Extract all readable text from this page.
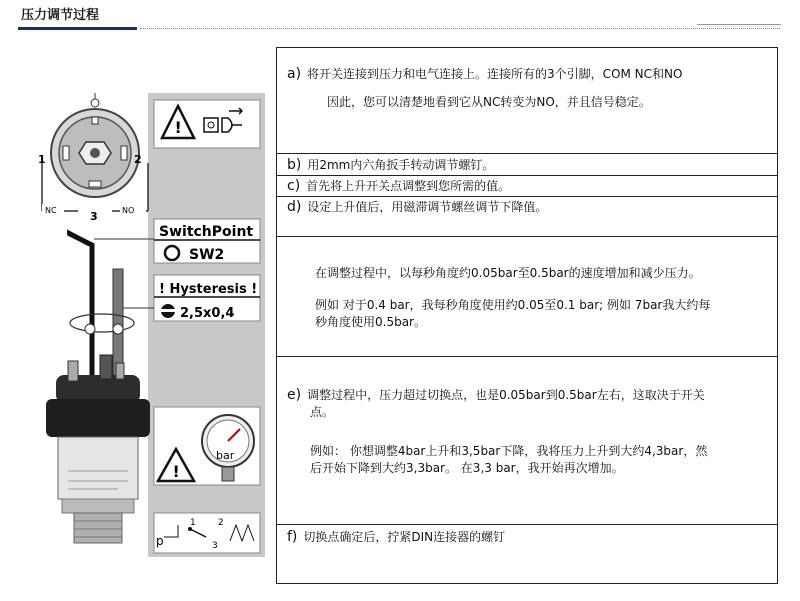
压力调节过程
1	2
3
NC	NO
!
SwitchPoint
SW2
! Hysteresis !
2,5x0,4
!
bar
p
1 2
3
a) 将开关连接到压力和电气连接上。连接所有的3个引脚，COM NC和NO
因此，您可以清楚地看到它从NC转变为NO，并且信号稳定。
b) 用2mm内六角扳手转动调节螺钉。
c) 首先将上升开关点调整到您所需的值。
d) 设定上升值后，用磁滞调节螺丝调节下降值。
在调整过程中，以每秒角度约0.05bar至0.5bar的速度增加和减少压力。
例如 对于0.4 bar，我每秒角度使用约0.05至0.1 bar; 例如 7bar我大约每
秒角度使用0.5bar。
e) 调整过程中，压力超过切换点，也是0.05bar到0.5bar左右，这取决于开关
点。
例如： 你想调整4bar上升和3,5bar下降，我将压力上升到大约4,3bar，然
后开始下降到大约3,3bar。 在3,3 bar，我开始再次增加。
f) 切换点确定后，拧紧DIN连接器的螺钉
